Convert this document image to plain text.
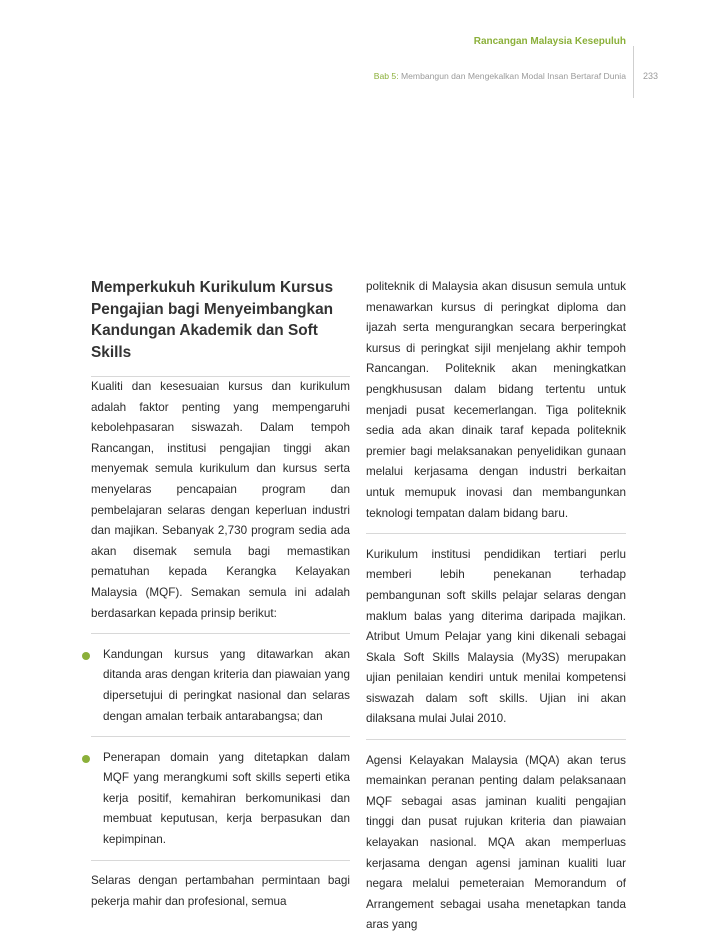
Rancangan Malaysia Kesepuluh
Bab 5: Membangun dan Mengekalkan Modal Insan Bertaraf Dunia 233
Memperkukuh Kurikulum Kursus Pengajian bagi Menyeimbangkan Kandungan Akademik dan Soft Skills

Kualiti dan kesesuaian kursus dan kurikulum adalah faktor penting yang mempengaruhi kebolehpasaran siswazah. Dalam tempoh Rancangan, institusi pengajian tinggi akan menyemak semula kurikulum dan kursus serta menyelaras pencapaian program dan pembelajaran selaras dengan keperluan industri dan majikan. Sebanyak 2,730 program sedia ada akan disemak semula bagi memastikan pematuhan kepada Kerangka Kelayakan Malaysia (MQF). Semakan semula ini adalah berdasarkan kepada prinsip berikut:

Kandungan kursus yang ditawarkan akan ditanda aras dengan kriteria dan piawaian yang dipersetujui di peringkat nasional dan selaras dengan amalan terbaik antarabangsa; dan
Penerapan domain yang ditetapkan dalam MQF yang merangkumi soft skills seperti etika kerja positif, kemahiran berkomunikasi dan membuat keputusan, kerja berpasukan dan kepimpinan.

Selaras dengan pertambahan permintaan bagi pekerja mahir dan profesional, semua

politeknik di Malaysia akan disusun semula untuk menawarkan kursus di peringkat diploma dan ijazah serta mengurangkan secara berperingkat kursus di peringkat sijil menjelang akhir tempoh Rancangan. Politeknik akan meningkatkan pengkhususan dalam bidang tertentu untuk menjadi pusat kecemerlangan. Tiga politeknik sedia ada akan dinaik taraf kepada politeknik premier bagi melaksanakan penyelidikan gunaan melalui kerjasama dengan industri berkaitan untuk memupuk inovasi dan membangunkan teknologi tempatan dalam bidang baru.

Kurikulum institusi pendidikan tertiari perlu memberi lebih penekanan terhadap pembangunan soft skills pelajar selaras dengan maklum balas yang diterima daripada majikan. Atribut Umum Pelajar yang kini dikenali sebagai Skala Soft Skills Malaysia (My3S) merupakan ujian penilaian kendiri untuk menilai kompetensi siswazah dalam soft skills. Ujian ini akan dilaksana mulai Julai 2010.

Agensi Kelayakan Malaysia (MQA) akan terus memainkan peranan penting dalam pelaksanaan MQF sebagai asas jaminan kualiti pengajian tinggi dan pusat rujukan kriteria dan piawaian kelayakan nasional. MQA akan memperluas kerjasama dengan agensi jaminan kualiti luar negara melalui pemeteraian Memorandum of Arrangement sebagai usaha menetapkan tanda aras yang
